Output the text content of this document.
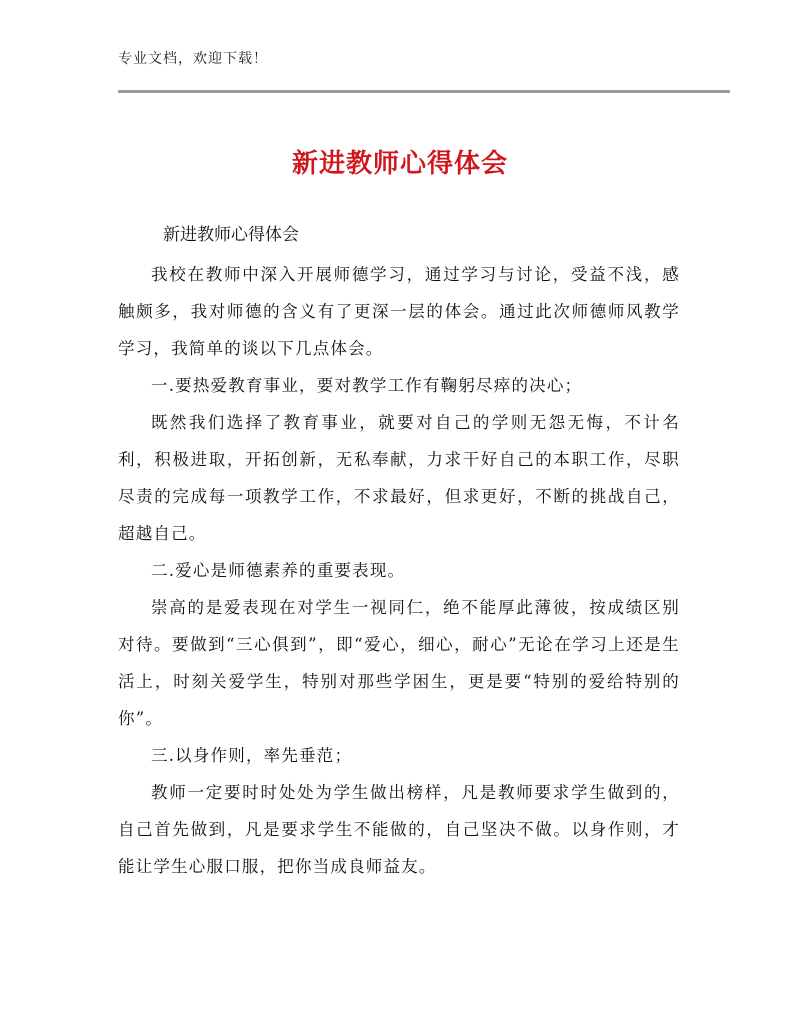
专业文档，欢迎下载！
新进教师心得体会
新进教师心得体会

我校在教师中深入开展师德学习，通过学习与讨论，受益不浅，感触颇多，我对师德的含义有了更深一层的体会。通过此次师德师风教学学习，我简单的谈以下几点体会。

一.要热爱教育事业，要对教学工作有鞠躬尽瘁的决心；

既然我们选择了教育事业，就要对自己的学则无怨无悔，不计名利，积极进取，开拓创新，无私奉献，力求干好自己的本职工作，尽职尽责的完成每一项教学工作，不求最好，但求更好，不断的挑战自己，超越自己。

二.爱心是师德素养的重要表现。

崇高的是爱表现在对学生一视同仁，绝不能厚此薄彼，按成绩区别对待。要做到“三心俱到”，即“爱心，细心，耐心”无论在学习上还是生活上，时刻关爱学生，特别对那些学困生，更是要“特别的爱给特别的你”。

三.以身作则，率先垂范；

教师一定要时时处处为学生做出榜样，凡是教师要求学生做到的，自己首先做到，凡是要求学生不能做的，自己坚决不做。以身作则，才能让学生心服口服，把你当成良师益友。
